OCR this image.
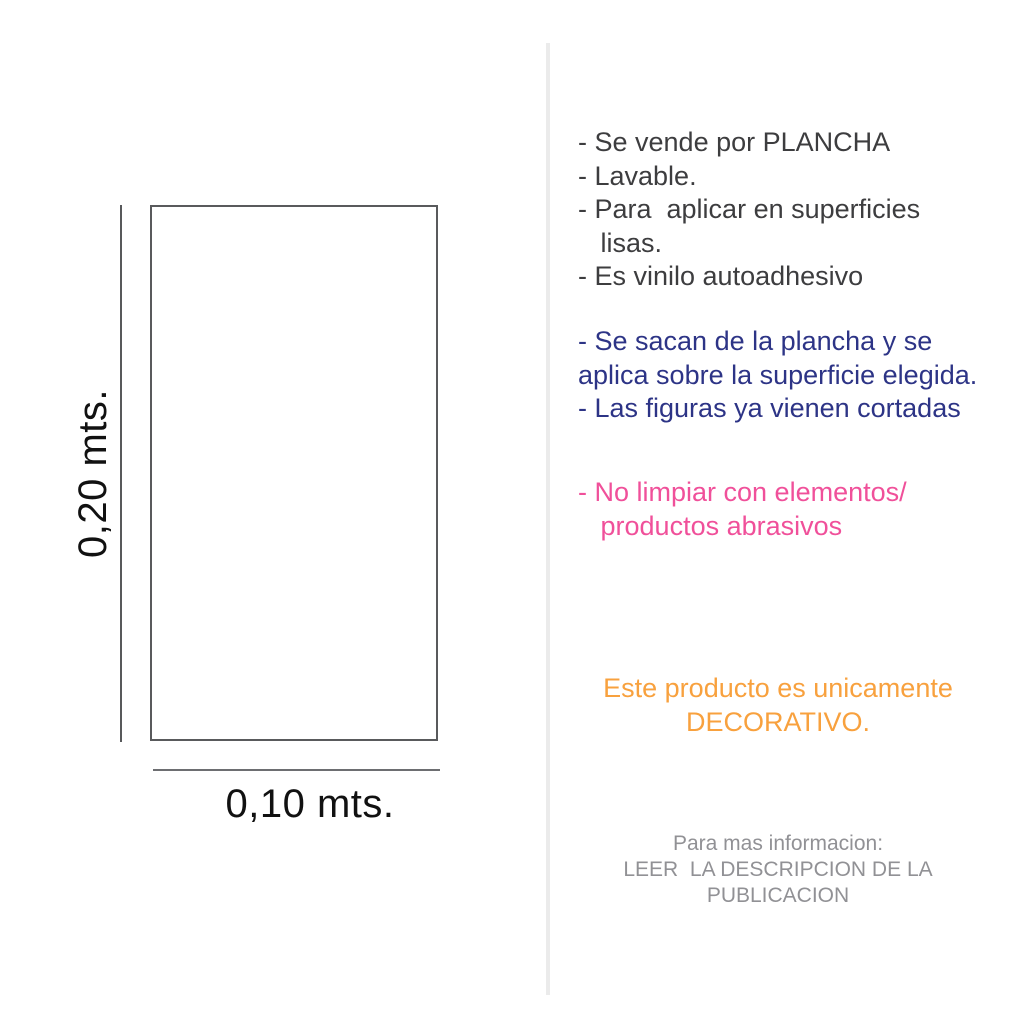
0,20 mts.
0,10 mts.
- Se vende por PLANCHA
- Lavable.
- Para  aplicar en superficies
lisas.
- Es vinilo autoadhesivo
- Se sacan de la plancha y se
aplica sobre la superficie elegida.
- Las figuras ya vienen cortadas
- No limpiar con elementos/
productos abrasivos
Este producto es unicamente
DECORATIVO.
Para mas informacion:
LEER  LA DESCRIPCION DE LA PUBLICACION
